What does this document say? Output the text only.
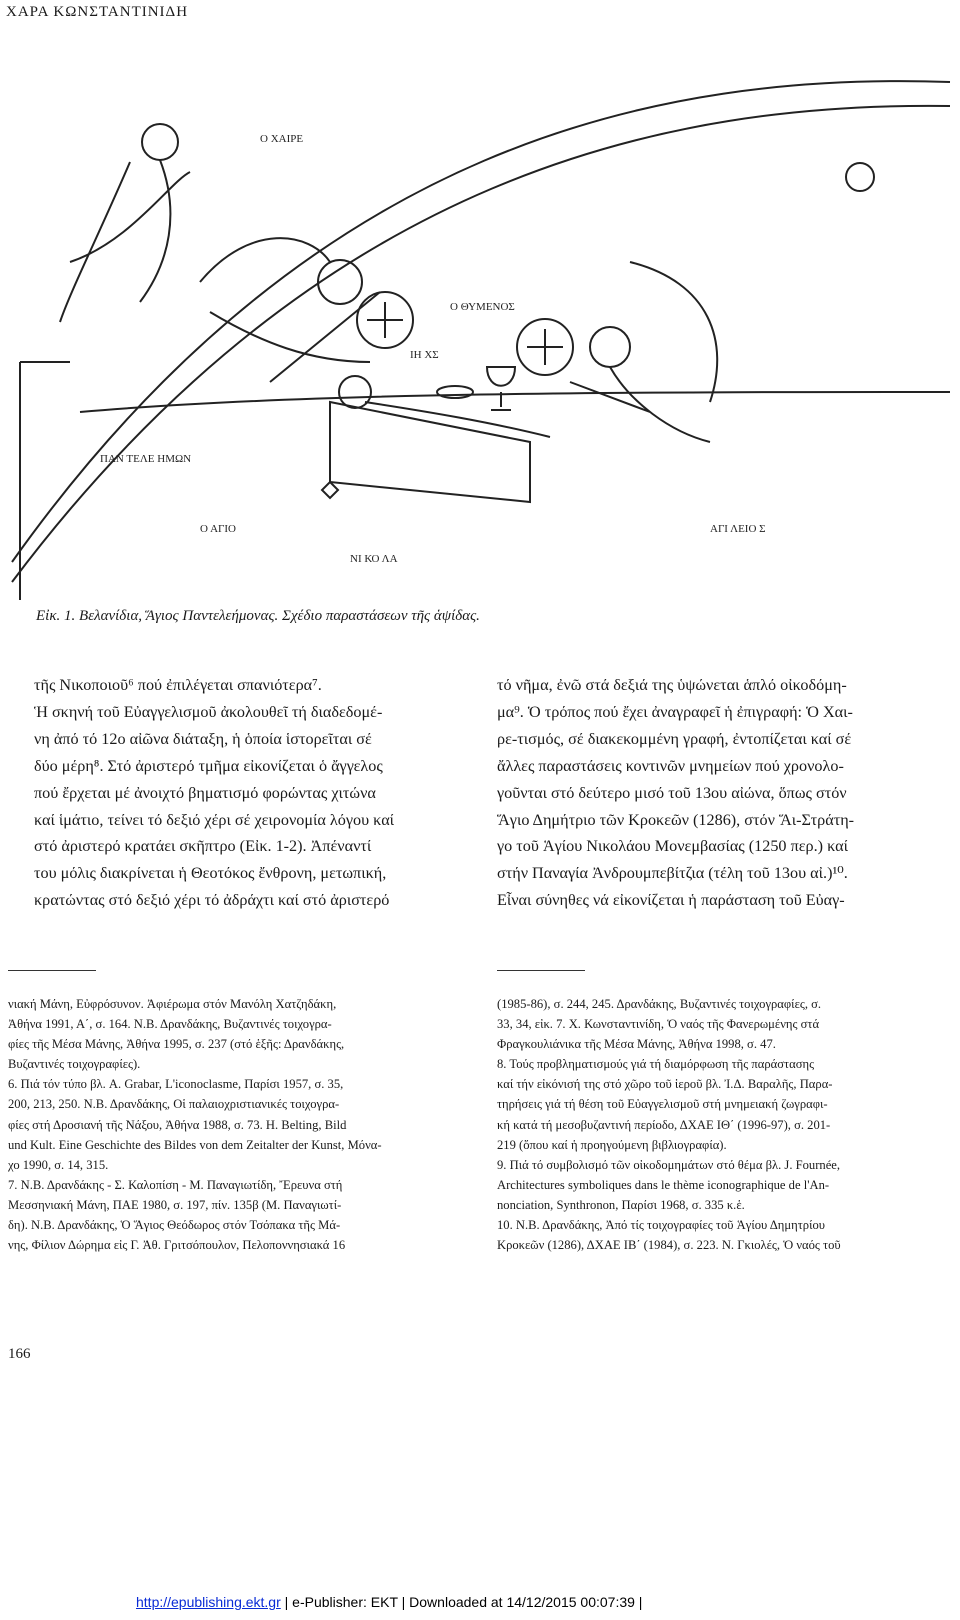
ΧΑΡΑ ΚΩΝΣΤΑΝΤΙΝΙΔΗ
Ο ΧΑΙΡΕ
Ο ΘΥΜΕΝΟΣ
ΙΗ ΧΣ
ΠΑΝ ΤΕΛΕ ΗΜΩΝ
Ο ΑΓΙΟ
ΝΙ ΚΟ ΛΑ
ΑΓΙ ΛΕΙΟ Σ
Εἰκ. 1. Βελανίδια, Ἅγιος Παντελεήμονας. Σχέδιο παραστάσεων τῆς ἁψίδας.
τῆς Νικοποιοῦ⁶ πού ἐπιλέγεται σπανιότερα⁷.
Ἡ σκηνή τοῦ Εὐαγγελισμοῦ ἀκολουθεῖ τή διαδεδομέ-
νη ἀπό τό 12ο αἰῶνα διάταξη, ἡ ὁποία ἱστορεῖται σέ
δύο μέρη⁸. Στό ἀριστερό τμῆμα εἰκονίζεται ὁ ἄγγελος
πού ἔρχεται μέ ἀνοιχτό βηματισμό φορώντας χιτώνα
καί ἱμάτιο, τείνει τό δεξιό χέρι σέ χειρονομία λόγου καί
στό ἀριστερό κρατάει σκῆπτρο (Εἰκ. 1-2). Ἀπέναντί
του μόλις διακρίνεται ἡ Θεοτόκος ἔνθρονη, μετωπική,
κρατώντας στό δεξιό χέρι τό ἀδράχτι καί στό ἀριστερό
τό νῆμα, ἐνῶ στά δεξιά της ὑψώνεται ἁπλό οἰκοδόμη-
μα⁹. Ὁ τρόπος πού ἔχει ἀναγραφεῖ ἡ ἐπιγραφή: Ὁ Χαι-
ρε-τισμός, σέ διακεκομμένη γραφή, ἐντοπίζεται καί σέ
ἄλλες παραστάσεις κοντινῶν μνημείων πού χρονολο-
γοῦνται στό δεύτερο μισό τοῦ 13ου αἰώνα, ὅπως στόν
Ἅγιο Δημήτριο τῶν Κροκεῶν (1286), στόν Ἅι-Στράτη-
γο τοῦ Ἁγίου Νικολάου Μονεμβασίας (1250 περ.) καί
στήν Παναγία Ἀνδρουμπεβίτζια (τέλη τοῦ 13ου αἰ.)¹⁰.
Εἶναι σύνηθες νά εἰκονίζεται ἡ παράσταση τοῦ Εὐαγ-
νιακή Μάνη, Εὐφρόσυνον. Ἀφιέρωμα στόν Μανόλη Χατζηδάκη,
Ἀθήνα 1991, Α΄, σ. 164. Ν.Β. Δρανδάκης, Βυζαντινές τοιχογρα-
φίες τῆς Μέσα Μάνης, Ἀθήνα 1995, σ. 237 (στό ἑξῆς: Δρανδάκης,
Βυζαντινές τοιχογραφίες).
6. Πιά τόν τύπο βλ. A. Grabar, L'iconoclasme, Παρίσι 1957, σ. 35,
200, 213, 250. Ν.Β. Δρανδάκης, Οἱ παλαιοχριστιανικές τοιχογρα-
φίες στή Δροσιανή τῆς Νάξου, Ἀθήνα 1988, σ. 73. H. Belting, Bild
und Kult. Eine Geschichte des Bildes von dem Zeitalter der Kunst, Μόνα-
χο 1990, σ. 14, 315.
7. Ν.Β. Δρανδάκης - Σ. Καλοπίση - Μ. Παναγιωτίδη, Ἔρευνα στή
Μεσσηνιακή Μάνη, ΠΑΕ 1980, σ. 197, πίν. 135β (Μ. Παναγιωτί-
δη). Ν.Β. Δρανδάκης, Ὁ Ἅγιος Θεόδωρος στόν Τσόπακα τῆς Μά-
νης, Φίλιον Δώρημα εἰς Γ. Ἀθ. Γριτσόπουλον, Πελοποννησιακά 16
(1985-86), σ. 244, 245. Δρανδάκης, Βυζαντινές τοιχογραφίες, σ.
33, 34, εἰκ. 7. Χ. Κωνσταντινίδη, Ὁ ναός τῆς Φανερωμένης στά
Φραγκουλιάνικα τῆς Μέσα Μάνης, Ἀθήνα 1998, σ. 47.
8. Τούς προβληματισμούς γιά τή διαμόρφωση τῆς παράστασης
καί τήν εἰκόνισή της στό χῶρο τοῦ ἱεροῦ βλ. Ἰ.Δ. Βαραλῆς, Παρα-
τηρήσεις γιά τή θέση τοῦ Εὐαγγελισμοῦ στή μνημειακή ζωγραφι-
κή κατά τή μεσοβυζαντινή περίοδο, ΔΧΑΕ ΙΘ΄ (1996-97), σ. 201-
219 (ὅπου καί ἡ προηγούμενη βιβλιογραφία).
9. Πιά τό συμβολισμό τῶν οἰκοδομημάτων στό θέμα βλ. J. Fournée,
Architectures symboliques dans le thème iconographique de l'An-
nonciation, Synthronon, Παρίσι 1968, σ. 335 κ.ἑ.
10. Ν.Β. Δρανδάκης, Ἀπό τίς τοιχογραφίες τοῦ Ἁγίου Δημητρίου
Κροκεῶν (1286), ΔΧΑΕ ΙΒ΄ (1984), σ. 223. Ν. Γκιολές, Ὁ ναός τοῦ
166
http://epublishing.ekt.gr | e-Publisher: EKT | Downloaded at 14/12/2015 00:07:39 |
